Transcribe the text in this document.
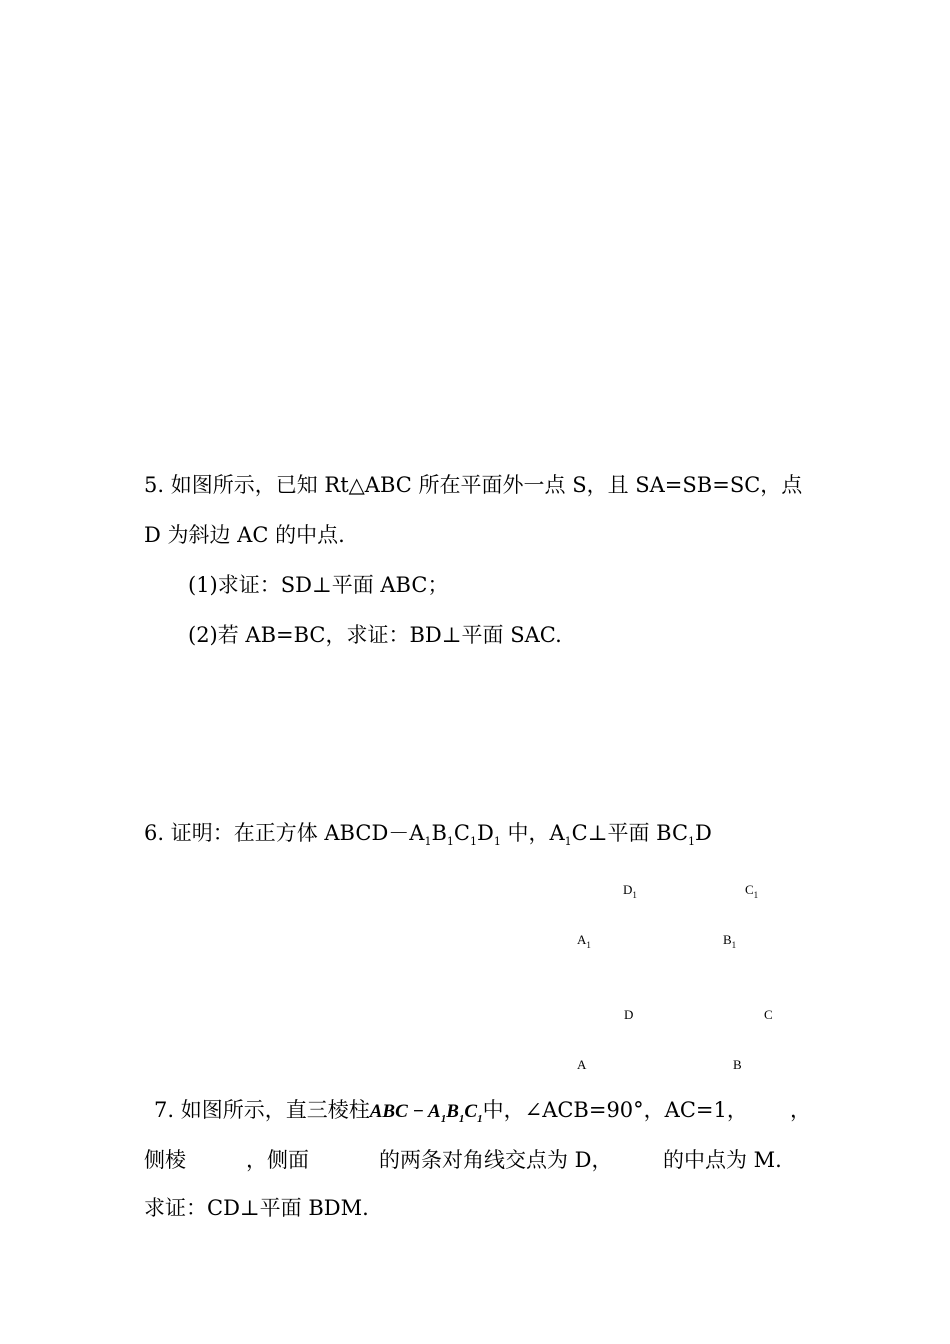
5. 如图所示，已知 Rt△ABC 所在平面外一点 S，且 SA=SB=SC，点
D 为斜边 AC 的中点.
(1)求证：SD⊥平面 ABC；
(2)若 AB=BC，求证：BD⊥平面 SAC.
6. 证明：在正方体 $ABCD-A_1B_1C_1D_1$ 中，$A_1C\perp$平面 $BC_1D$
$D_1$	$C_1$
$A_1$	$B_1$
D	C
A	B
7. 如图所示，直三棱柱ABC − $A_1B_1C_1$中，∠ACB=90°，AC=1， ，
侧棱	，侧面	的两条对角线交点为 D， 的中点为 M.
求证：CD⊥平面 BDM.
